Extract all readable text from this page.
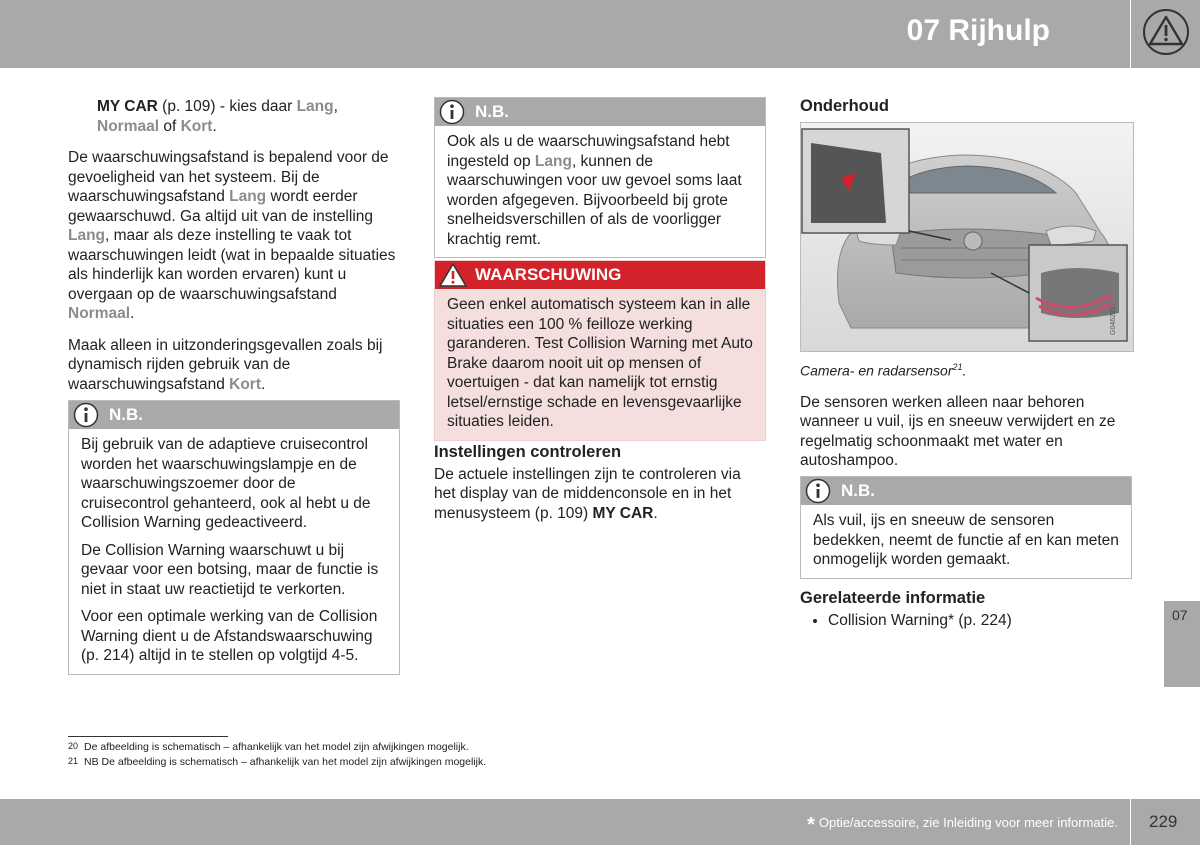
07 Rijhulp

MY CAR (p. 109) - kies daar Lang,
Normaal of Kort.

De waarschuwingsafstand is bepalend voor de gevoeligheid van het systeem. Bij de waarschuwingsafstand Lang wordt eerder gewaarschuwd. Ga altijd uit van de instelling Lang, maar als deze instelling te vaak tot waarschuwingen leidt (wat in bepaalde situaties als hinderlijk kan worden ervaren) kunt u overgaan op de waarschuwingsafstand Normaal.

Maak alleen in uitzonderingsgevallen zoals bij dynamisch rijden gebruik van de waarschuwingsafstand Kort.

N.B.

Bij gebruik van de adaptieve cruisecontrol worden het waarschuwingslampje en de waarschuwingszoemer door de cruisecontrol gehanteerd, ook al hebt u de Collision Warning gedeactiveerd.

De Collision Warning waarschuwt u bij gevaar voor een botsing, maar de functie is niet in staat uw reactietijd te verkorten.

Voor een optimale werking van de Collision Warning dient u de Afstandswaarschuwing (p. 214) altijd in te stellen op volgtijd 4-5.

N.B.

Ook als u de waarschuwingsafstand hebt ingesteld op Lang, kunnen de waarschuwingen voor uw gevoel soms laat worden afgegeven. Bijvoorbeeld bij grote snelheidsverschillen of als de voorligger krachtig remt.

WAARSCHUWING

Geen enkel automatisch systeem kan in alle situaties een 100 % feilloze werking garanderen. Test Collision Warning met Auto Brake daarom nooit uit op mensen of voertuigen - dat kan namelijk tot ernstig letsel/ernstige schade en levensgevaarlijke situaties leiden.

Instellingen controleren

De actuele instellingen zijn te controleren via het display van de middenconsole en in het menusysteem (p. 109) MY CAR.

Onderhoud
G046281
Camera- en radarsensor$^{21}$.

De sensoren werken alleen naar behoren wanneer u vuil, ijs en sneeuw verwijdert en ze regelmatig schoonmaakt met water en autoshampoo.

N.B.

Als vuil, ijs en sneeuw de sensoren bedekken, neemt de functie af en kan meten onmogelijk worden gemaakt.

Gerelateerde informatie
• Collision Warning* (p. 224)	07
$^{20}$ De afbeelding is schematisch – afhankelijk van het model zijn afwijkingen mogelijk.
$^{21}$ NB De afbeelding is schematisch – afhankelijk van het model zijn afwijkingen mogelijk.
* Optie/accessoire, zie Inleiding voor meer informatie. 229
